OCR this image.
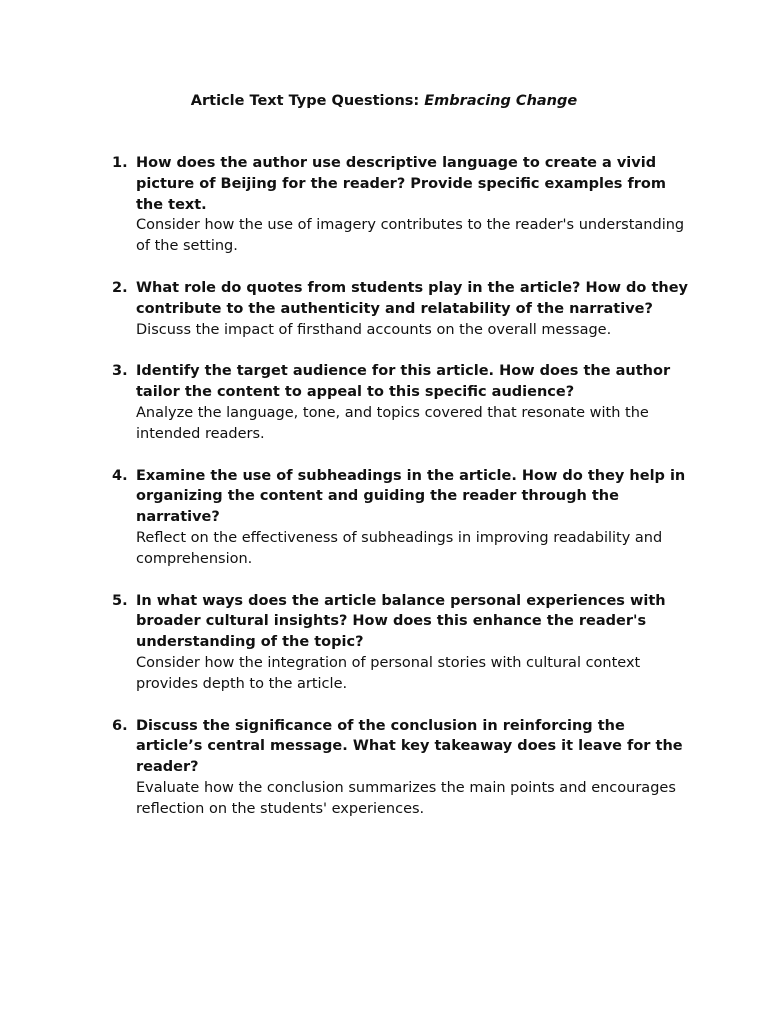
Article Text Type Questions: Embracing Change
1. How does the author use descriptive language to create a vivid picture of Beijing for the reader? Provide specific examples from the text.
Consider how the use of imagery contributes to the reader's understanding of the setting.
2. What role do quotes from students play in the article? How do they contribute to the authenticity and relatability of the narrative?
Discuss the impact of firsthand accounts on the overall message.
3. Identify the target audience for this article. How does the author tailor the content to appeal to this specific audience?
Analyze the language, tone, and topics covered that resonate with the intended readers.
4. Examine the use of subheadings in the article. How do they help in organizing the content and guiding the reader through the narrative?
Reflect on the effectiveness of subheadings in improving readability and comprehension.
5. In what ways does the article balance personal experiences with broader cultural insights? How does this enhance the reader's understanding of the topic?
Consider how the integration of personal stories with cultural context provides depth to the article.
6. Discuss the significance of the conclusion in reinforcing the article’s central message. What key takeaway does it leave for the reader?
Evaluate how the conclusion summarizes the main points and encourages reflection on the students' experiences.
